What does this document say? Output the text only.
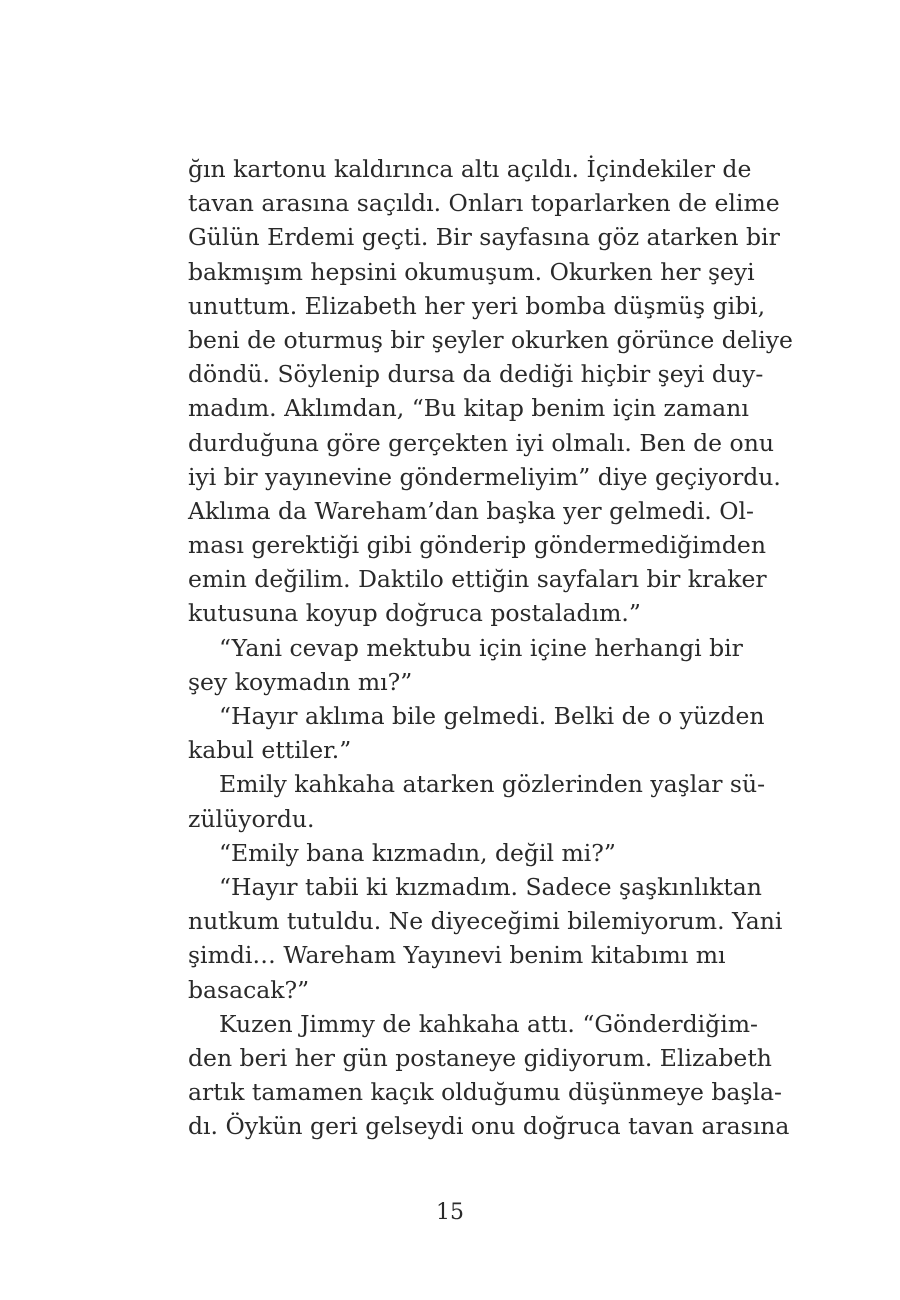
ğın kartonu kaldırınca altı açıldı. İçindekiler de
tavan arasına saçıldı. Onları toparlarken de elime
Gülün Erdemi geçti. Bir sayfasına göz atarken bir
bakmışım hepsini okumuşum. Okurken her şeyi
unuttum. Elizabeth her yeri bomba düşmüş gibi,
beni de oturmuş bir şeyler okurken görünce deliye
döndü. Söylenip dursa da dediği hiçbir şeyi duy-
madım. Aklımdan, “Bu kitap benim için zamanı
durduğuna göre gerçekten iyi olmalı. Ben de onu
iyi bir yayınevine göndermeliyim” diye geçiyordu.
Aklıma da Wareham’dan başka yer gelmedi. Ol-
ması gerektiği gibi gönderip göndermediğimden
emin değilim. Daktilo ettiğin sayfaları bir kraker
kutusuna koyup doğruca postaladım.”
“Yani cevap mektubu için içine herhangi bir
şey koymadın mı?”
“Hayır aklıma bile gelmedi. Belki de o yüzden
kabul ettiler.”
Emily kahkaha atarken gözlerinden yaşlar sü-
zülüyordu.
“Emily bana kızmadın, değil mi?”
“Hayır tabii ki kızmadım. Sadece şaşkınlıktan
nutkum tutuldu. Ne diyeceğimi bilemiyorum. Yani
şimdi… Wareham Yayınevi benim kitabımı mı
basacak?”
Kuzen Jimmy de kahkaha attı. “Gönderdiğim-
den beri her gün postaneye gidiyorum. Elizabeth
artık tamamen kaçık olduğumu düşünmeye başla-
dı. Öykün geri gelseydi onu doğruca tavan arasına
15
